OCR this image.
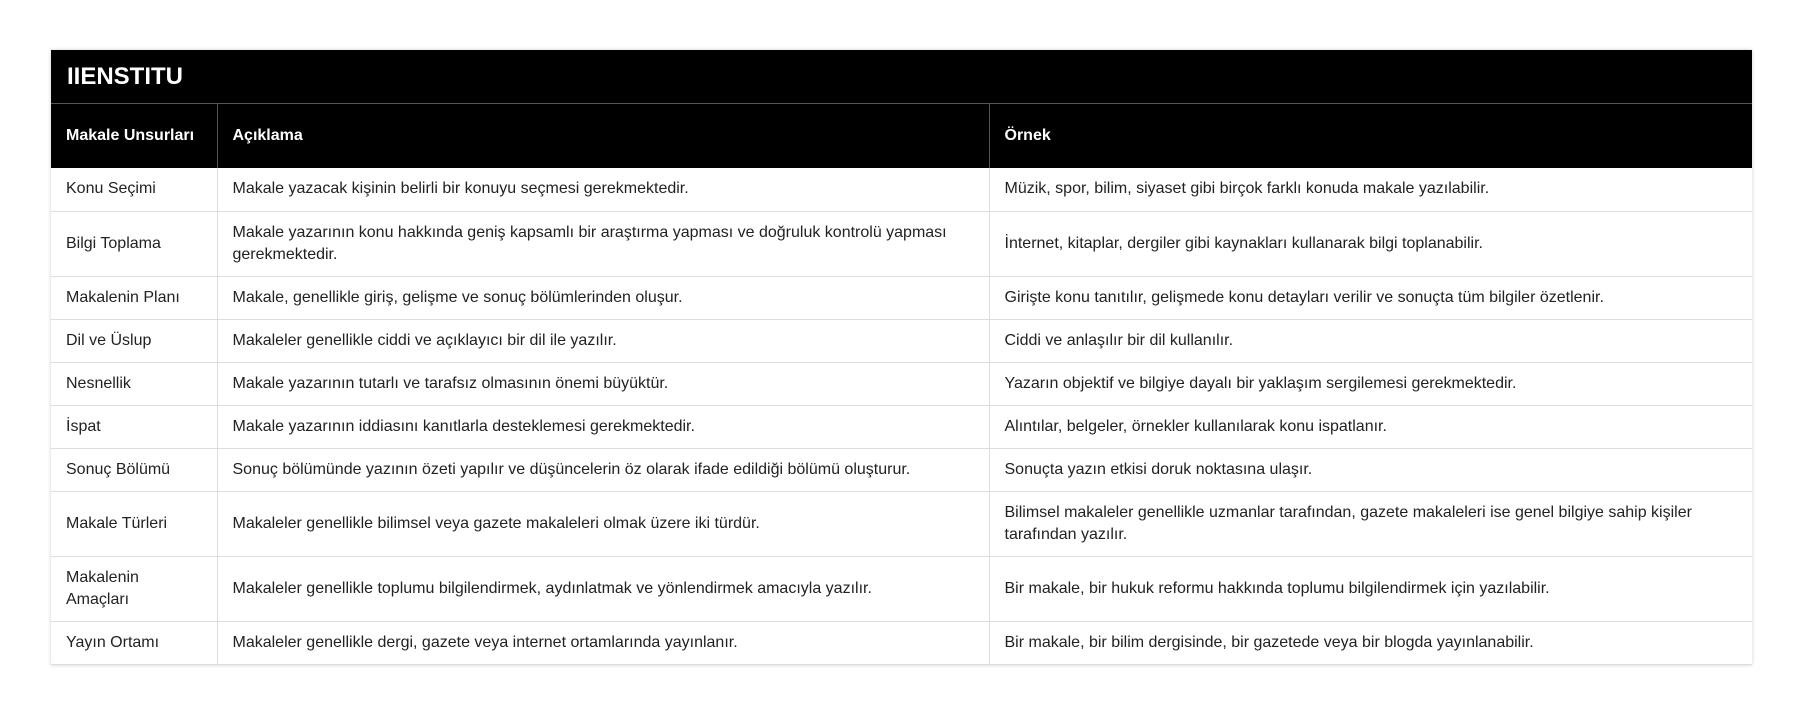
IIENSTITU
Makale Unsurları	Açıklama	Örnek
Konu Seçimi	Makale yazacak kişinin belirli bir konuyu seçmesi gerekmektedir.	Müzik, spor, bilim, siyaset gibi birçok farklı konuda makale yazılabilir.
Bilgi Toplama	Makale yazarının konu hakkında geniş kapsamlı bir araştırma yapması ve doğruluk kontrolü yapması gerekmektedir.	İnternet, kitaplar, dergiler gibi kaynakları kullanarak bilgi toplanabilir.
Makalenin Planı	Makale, genellikle giriş, gelişme ve sonuç bölümlerinden oluşur.	Girişte konu tanıtılır, gelişmede konu detayları verilir ve sonuçta tüm bilgiler özetlenir.
Dil ve Üslup	Makaleler genellikle ciddi ve açıklayıcı bir dil ile yazılır.	Ciddi ve anlaşılır bir dil kullanılır.
Nesnellik	Makale yazarının tutarlı ve tarafsız olmasının önemi büyüktür.	Yazarın objektif ve bilgiye dayalı bir yaklaşım sergilemesi gerekmektedir.
İspat	Makale yazarının iddiasını kanıtlarla desteklemesi gerekmektedir.	Alıntılar, belgeler, örnekler kullanılarak konu ispatlanır.
Sonuç Bölümü	Sonuç bölümünde yazının özeti yapılır ve düşüncelerin öz olarak ifade edildiği bölümü oluşturur.	Sonuçta yazın etkisi doruk noktasına ulaşır.
Makale Türleri	Makaleler genellikle bilimsel veya gazete makaleleri olmak üzere iki türdür.	Bilimsel makaleler genellikle uzmanlar tarafından, gazete makaleleri ise genel bilgiye sahip kişiler tarafından yazılır.
Makalenin Amaçları	Makaleler genellikle toplumu bilgilendirmek, aydınlatmak ve yönlendirmek amacıyla yazılır.	Bir makale, bir hukuk reformu hakkında toplumu bilgilendirmek için yazılabilir.
Yayın Ortamı	Makaleler genellikle dergi, gazete veya internet ortamlarında yayınlanır.	Bir makale, bir bilim dergisinde, bir gazetede veya bir blogda yayınlanabilir.
